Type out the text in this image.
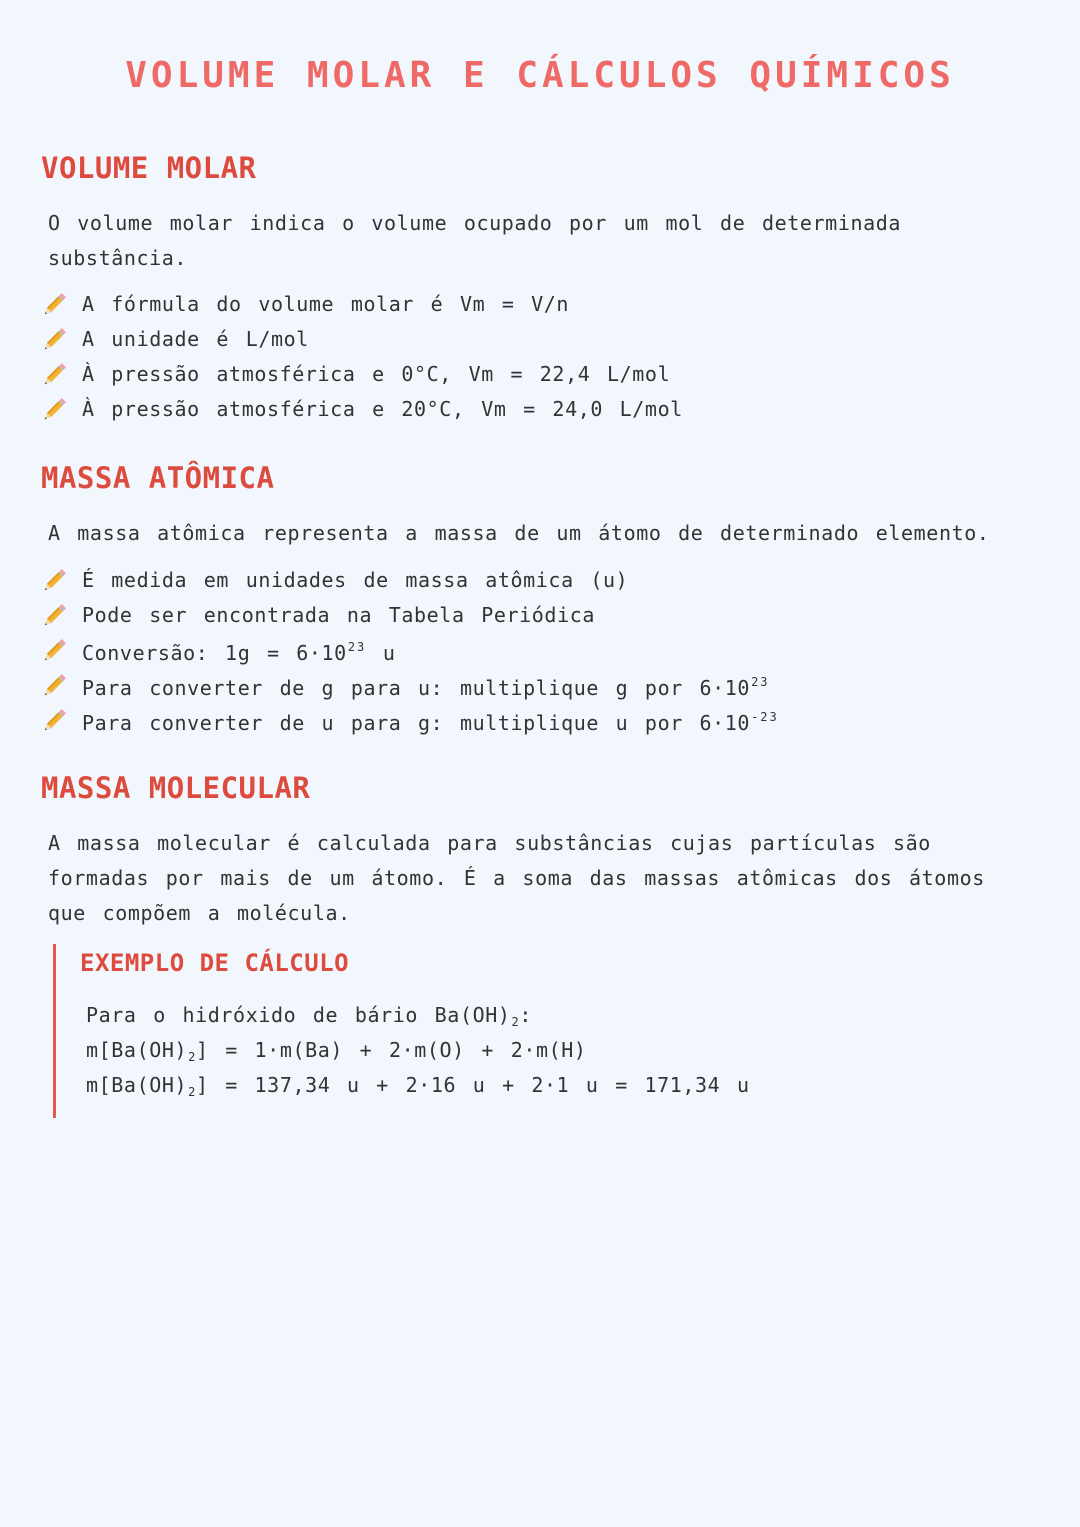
VOLUME MOLAR E CÁLCULOS QUÍMICOS
VOLUME MOLAR

O volume molar indica o volume ocupado por um mol de determinada substância.

A fórmula do volume molar é Vm = V/n
A unidade é L/mol
À pressão atmosférica e 0°C, Vm = 22,4 L/mol
À pressão atmosférica e 20°C, Vm = 24,0 L/mol
MASSA ATÔMICA

A massa atômica representa a massa de um átomo de determinado elemento.

É medida em unidades de massa atômica (u)
Pode ser encontrada na Tabela Periódica
Conversão: $1g = 6\cdot 10^{23}$ u
Para converter de g para u: multiplique g por $6\cdot 10^{23}$
Para converter de u para g: multiplique u por $6\cdot 10^{-23}$
MASSA MOLECULAR

A massa molecular é calculada para substâncias cujas partículas são formadas por mais de um átomo. É a soma das massas atômicas dos átomos que compõem a molécula.

EXEMPLO DE CÁLCULO
Para o hidróxido de bário $Ba(OH)_2$:
$m[Ba(OH)_2] = 1\cdot m(Ba) + 2\cdot m(O) + 2\cdot m(H)$
$m[Ba(OH)_2] = 137,34$ u + 2·16 u + 2·1 u = 171,34 u
